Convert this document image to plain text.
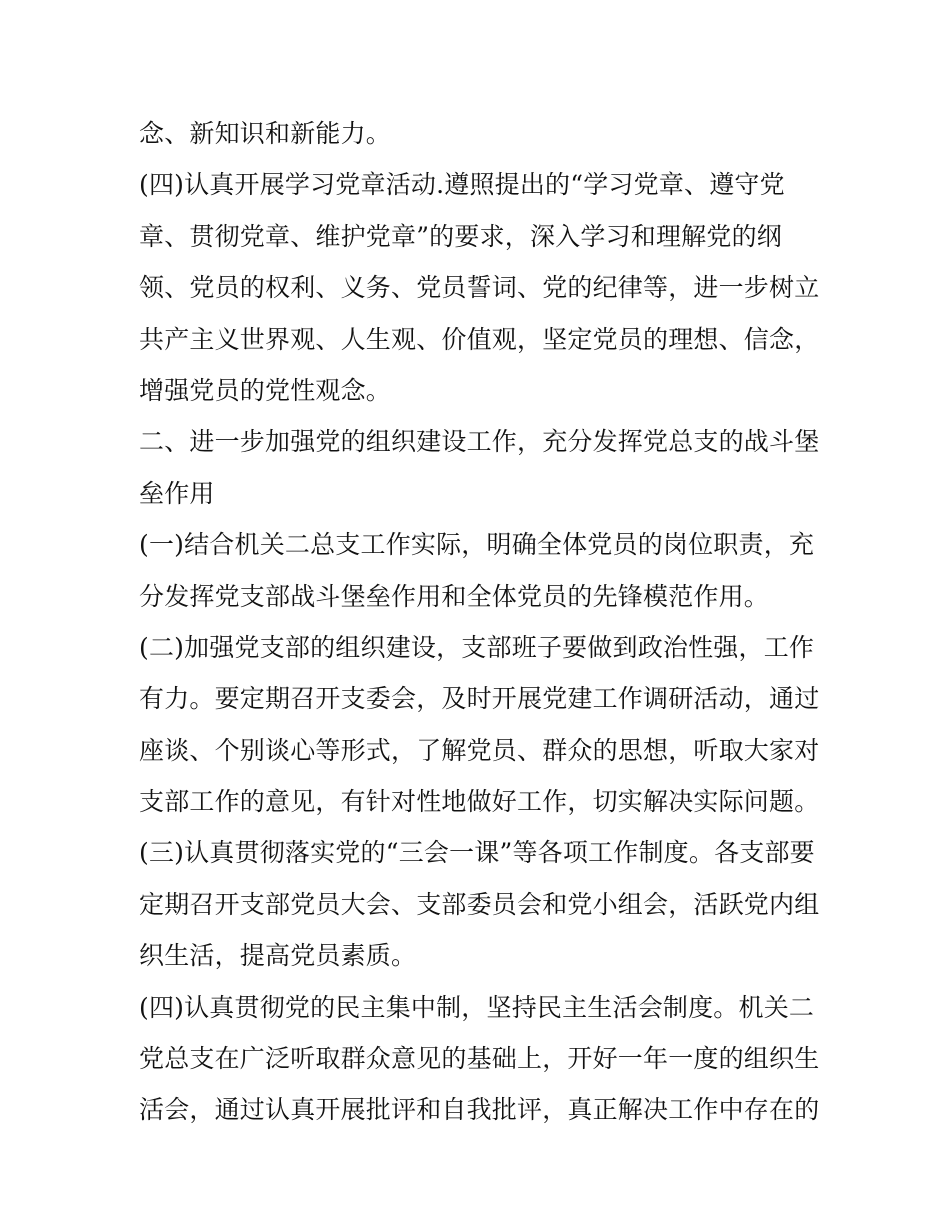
念、新知识和新能力。
(四)认真开展学习党章活动.遵照提出的“学习党章、遵守党
章、贯彻党章、维护党章”的要求，深入学习和理解党的纲
领、党员的权利、义务、党员誓词、党的纪律等，进一步树立
共产主义世界观、人生观、价值观，坚定党员的理想、信念，
增强党员的党性观念。
二、进一步加强党的组织建设工作，充分发挥党总支的战斗堡
垒作用
(一)结合机关二总支工作实际，明确全体党员的岗位职责，充
分发挥党支部战斗堡垒作用和全体党员的先锋模范作用。
(二)加强党支部的组织建设，支部班子要做到政治性强，工作
有力。要定期召开支委会，及时开展党建工作调研活动，通过
座谈、个别谈心等形式，了解党员、群众的思想，听取大家对
支部工作的意见，有针对性地做好工作，切实解决实际问题。
(三)认真贯彻落实党的“三会一课”等各项工作制度。各支部要
定期召开支部党员大会、支部委员会和党小组会，活跃党内组
织生活，提高党员素质。
(四)认真贯彻党的民主集中制，坚持民主生活会制度。机关二
党总支在广泛听取群众意见的基础上，开好一年一度的组织生
活会，通过认真开展批评和自我批评，真正解决工作中存在的
